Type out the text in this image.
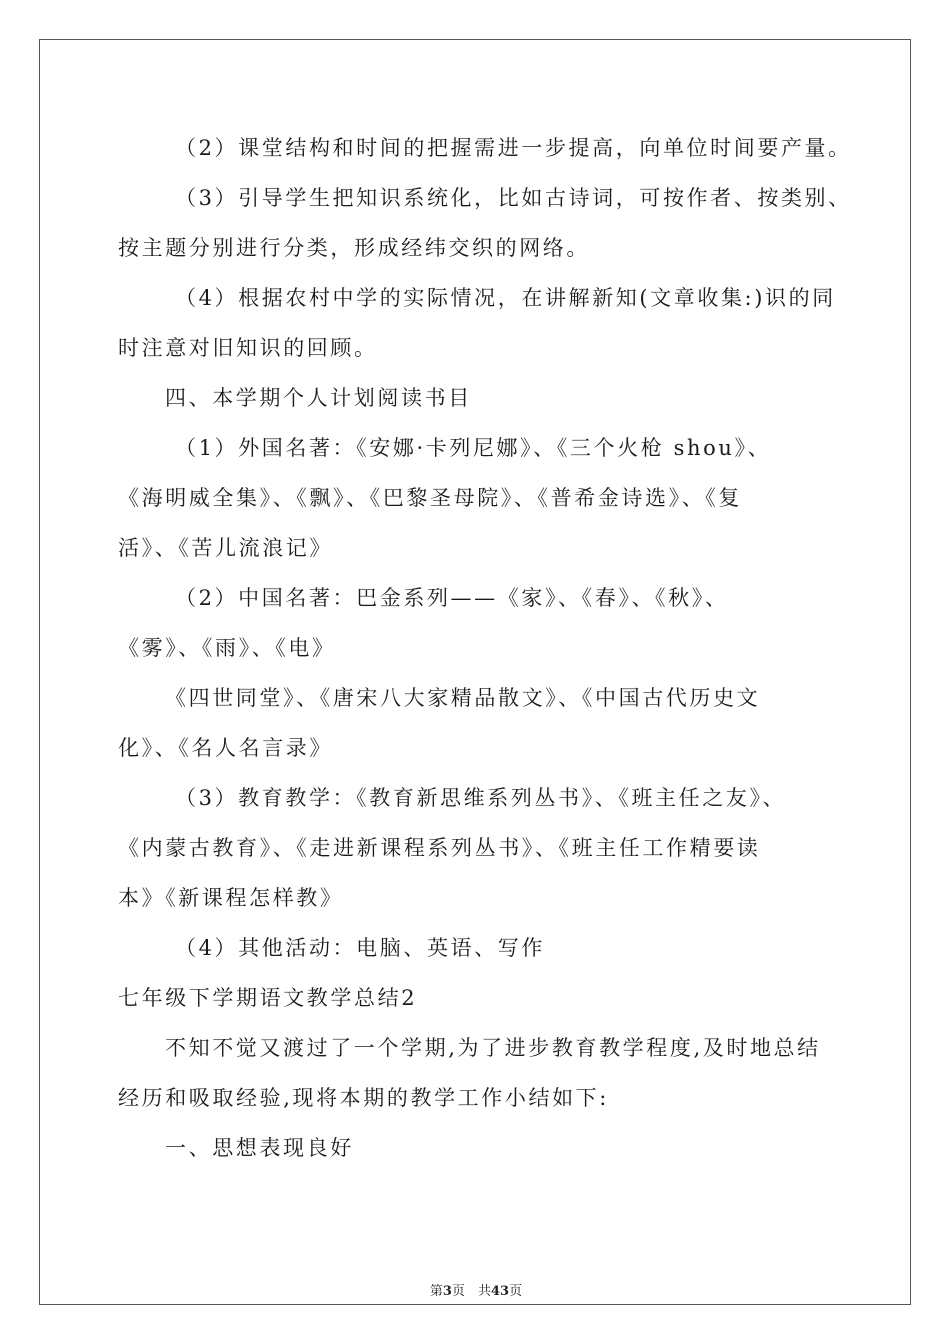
（2）课堂结构和时间的把握需进一步提高，向单位时间要产量。
（3）引导学生把知识系统化，比如古诗词，可按作者、按类别、
按主题分别进行分类，形成经纬交织的网络。
（4）根据农村中学的实际情况，在讲解新知(文章收集:)识的同
时注意对旧知识的回顾。
四、本学期个人计划阅读书目
（1）外国名著：《安娜·卡列尼娜》、《三个火枪 shou》、
《海明威全集》、《飘》、《巴黎圣母院》、《普希金诗选》、《复
活》、《苦儿流浪记》
（2）中国名著：巴金系列——《家》、《春》、《秋》、
《雾》、《雨》、《电》
《四世同堂》、《唐宋八大家精品散文》、《中国古代历史文
化》、《名人名言录》
（3）教育教学：《教育新思维系列丛书》、《班主任之友》、
《内蒙古教育》、《走进新课程系列丛书》、《班主任工作精要读
本》《新课程怎样教》
（4）其他活动：电脑、英语、写作
七年级下学期语文教学总结2
不知不觉又渡过了一个学期,为了进步教育教学程度,及时地总结
经历和吸取经验,现将本期的教学工作小结如下:
一、思想表现良好
第3页　共43页
